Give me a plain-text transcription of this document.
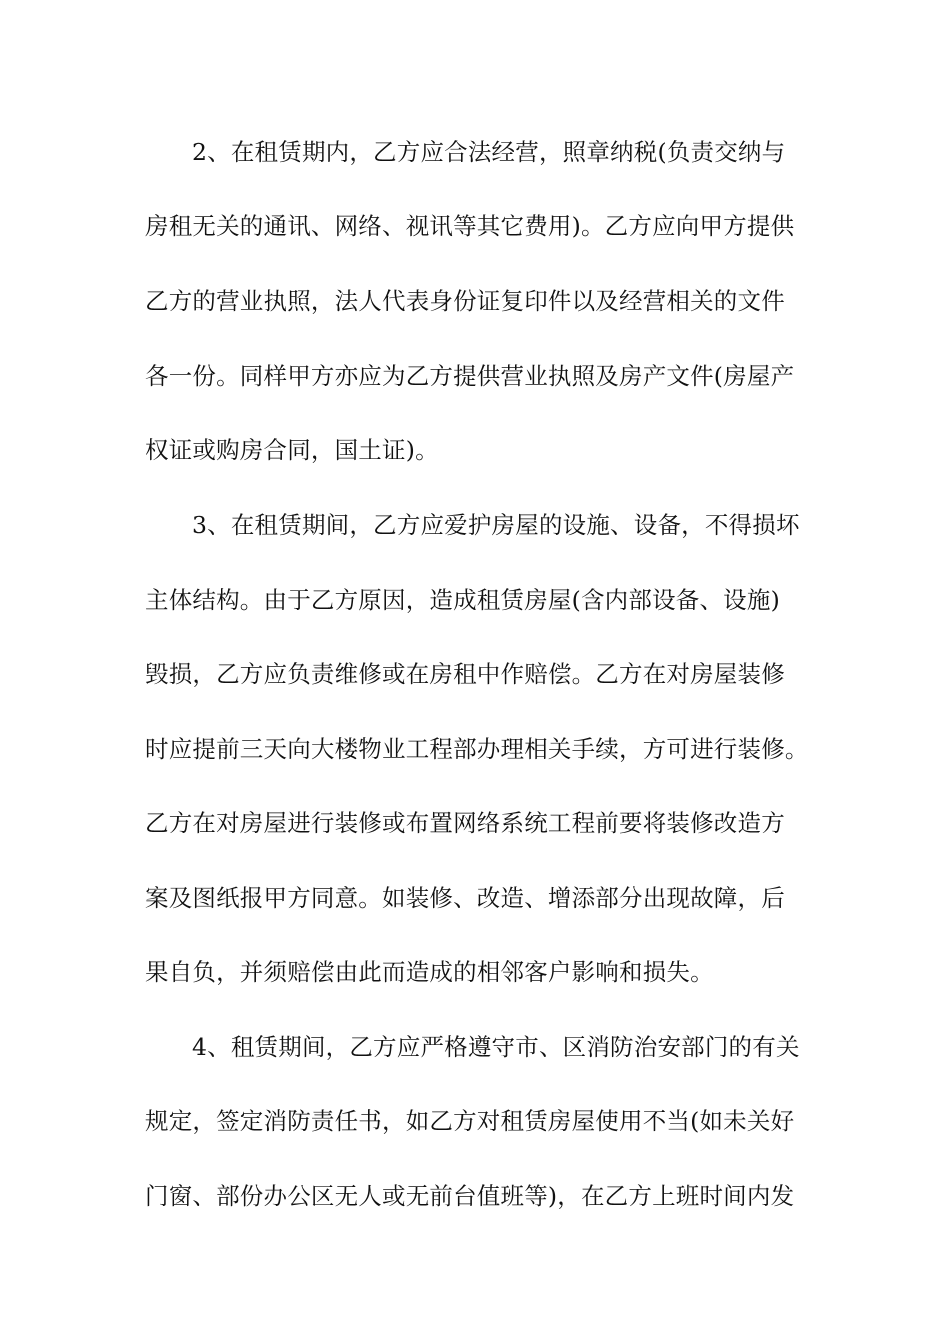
2、在租赁期内，乙方应合法经营，照章纳税(负责交纳与
房租无关的通讯、网络、视讯等其它费用)。乙方应向甲方提供
乙方的营业执照，法人代表身份证复印件以及经营相关的文件
各一份。同样甲方亦应为乙方提供营业执照及房产文件(房屋产
权证或购房合同，国土证)。
3、在租赁期间，乙方应爱护房屋的设施、设备，不得损坏
主体结构。由于乙方原因，造成租赁房屋(含内部设备、设施)
毁损，乙方应负责维修或在房租中作赔偿。乙方在对房屋装修
时应提前三天向大楼物业工程部办理相关手续，方可进行装修。
乙方在对房屋进行装修或布置网络系统工程前要将装修改造方
案及图纸报甲方同意。如装修、改造、增添部分出现故障，后
果自负，并须赔偿由此而造成的相邻客户影响和损失。
4、租赁期间，乙方应严格遵守市、区消防治安部门的有关
规定，签定消防责任书，如乙方对租赁房屋使用不当(如未关好
门窗、部份办公区无人或无前台值班等)，在乙方上班时间内发
